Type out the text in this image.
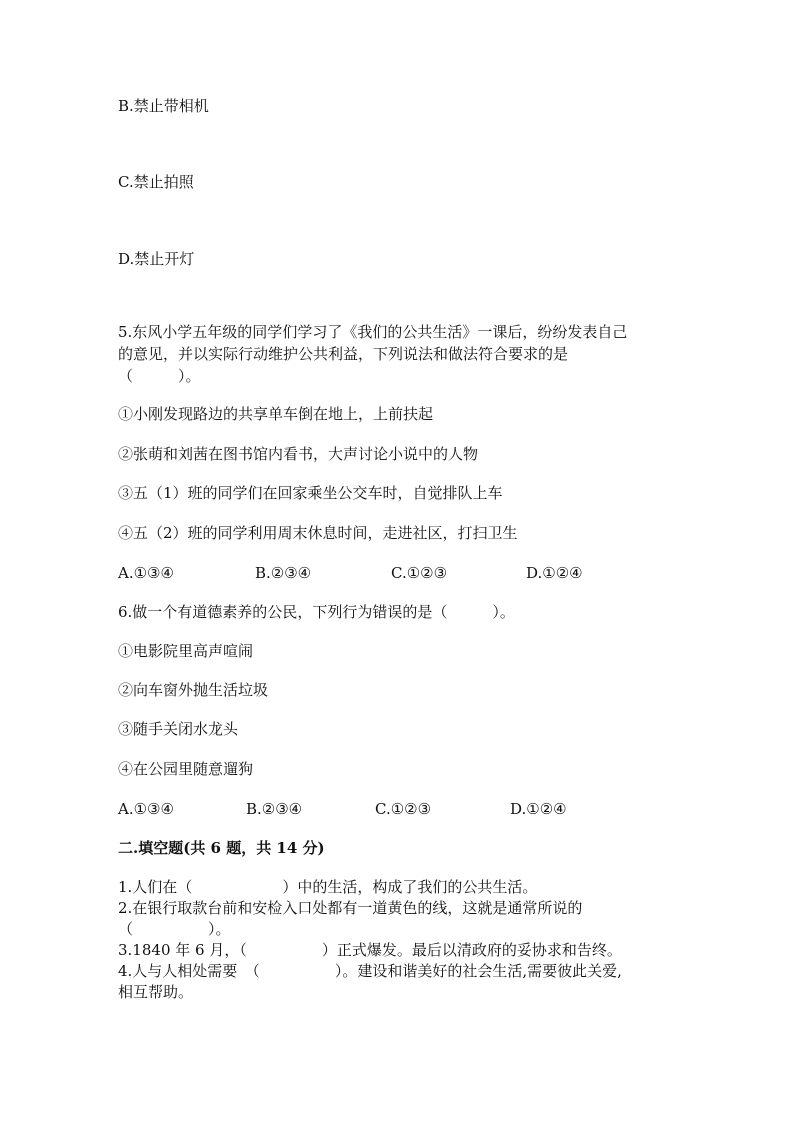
B.禁止带相机
C.禁止拍照
D.禁止开灯
5.东风小学五年级的同学们学习了《我们的公共生活》一课后，纷纷发表自己
的意见，并以实际行动维护公共利益，下列说法和做法符合要求的是
（　　　）。
①小刚发现路边的共享单车倒在地上，上前扶起
②张萌和刘茜在图书馆内看书，大声讨论小说中的人物
③五（1）班的同学们在回家乘坐公交车时，自觉排队上车
④五（2）班的同学利用周末休息时间，走进社区，打扫卫生
A.①③④	B.②③④	C.①②③	D.①②④
6.做一个有道德素养的公民，下列行为错误的是（　　　）。
①电影院里高声喧闹
②向车窗外抛生活垃圾
③随手关闭水龙头
④在公园里随意遛狗
A.①③④	B.②③④	C.①②③	D.①②④
二.填空题(共 6 题，共 14 分)
1.人们在（　　　　　　）中的生活，构成了我们的公共生活。
2.在银行取款台前和安检入口处都有一道黄色的线，这就是通常所说的
（　　　　　）。
3.1840 年 6 月，（　　　　　）正式爆发。最后以清政府的妥协求和告终。
4.人与人相处需要　（　　　　　）。建设和谐美好的社会生活,需要彼此关爱,
相互帮助。
